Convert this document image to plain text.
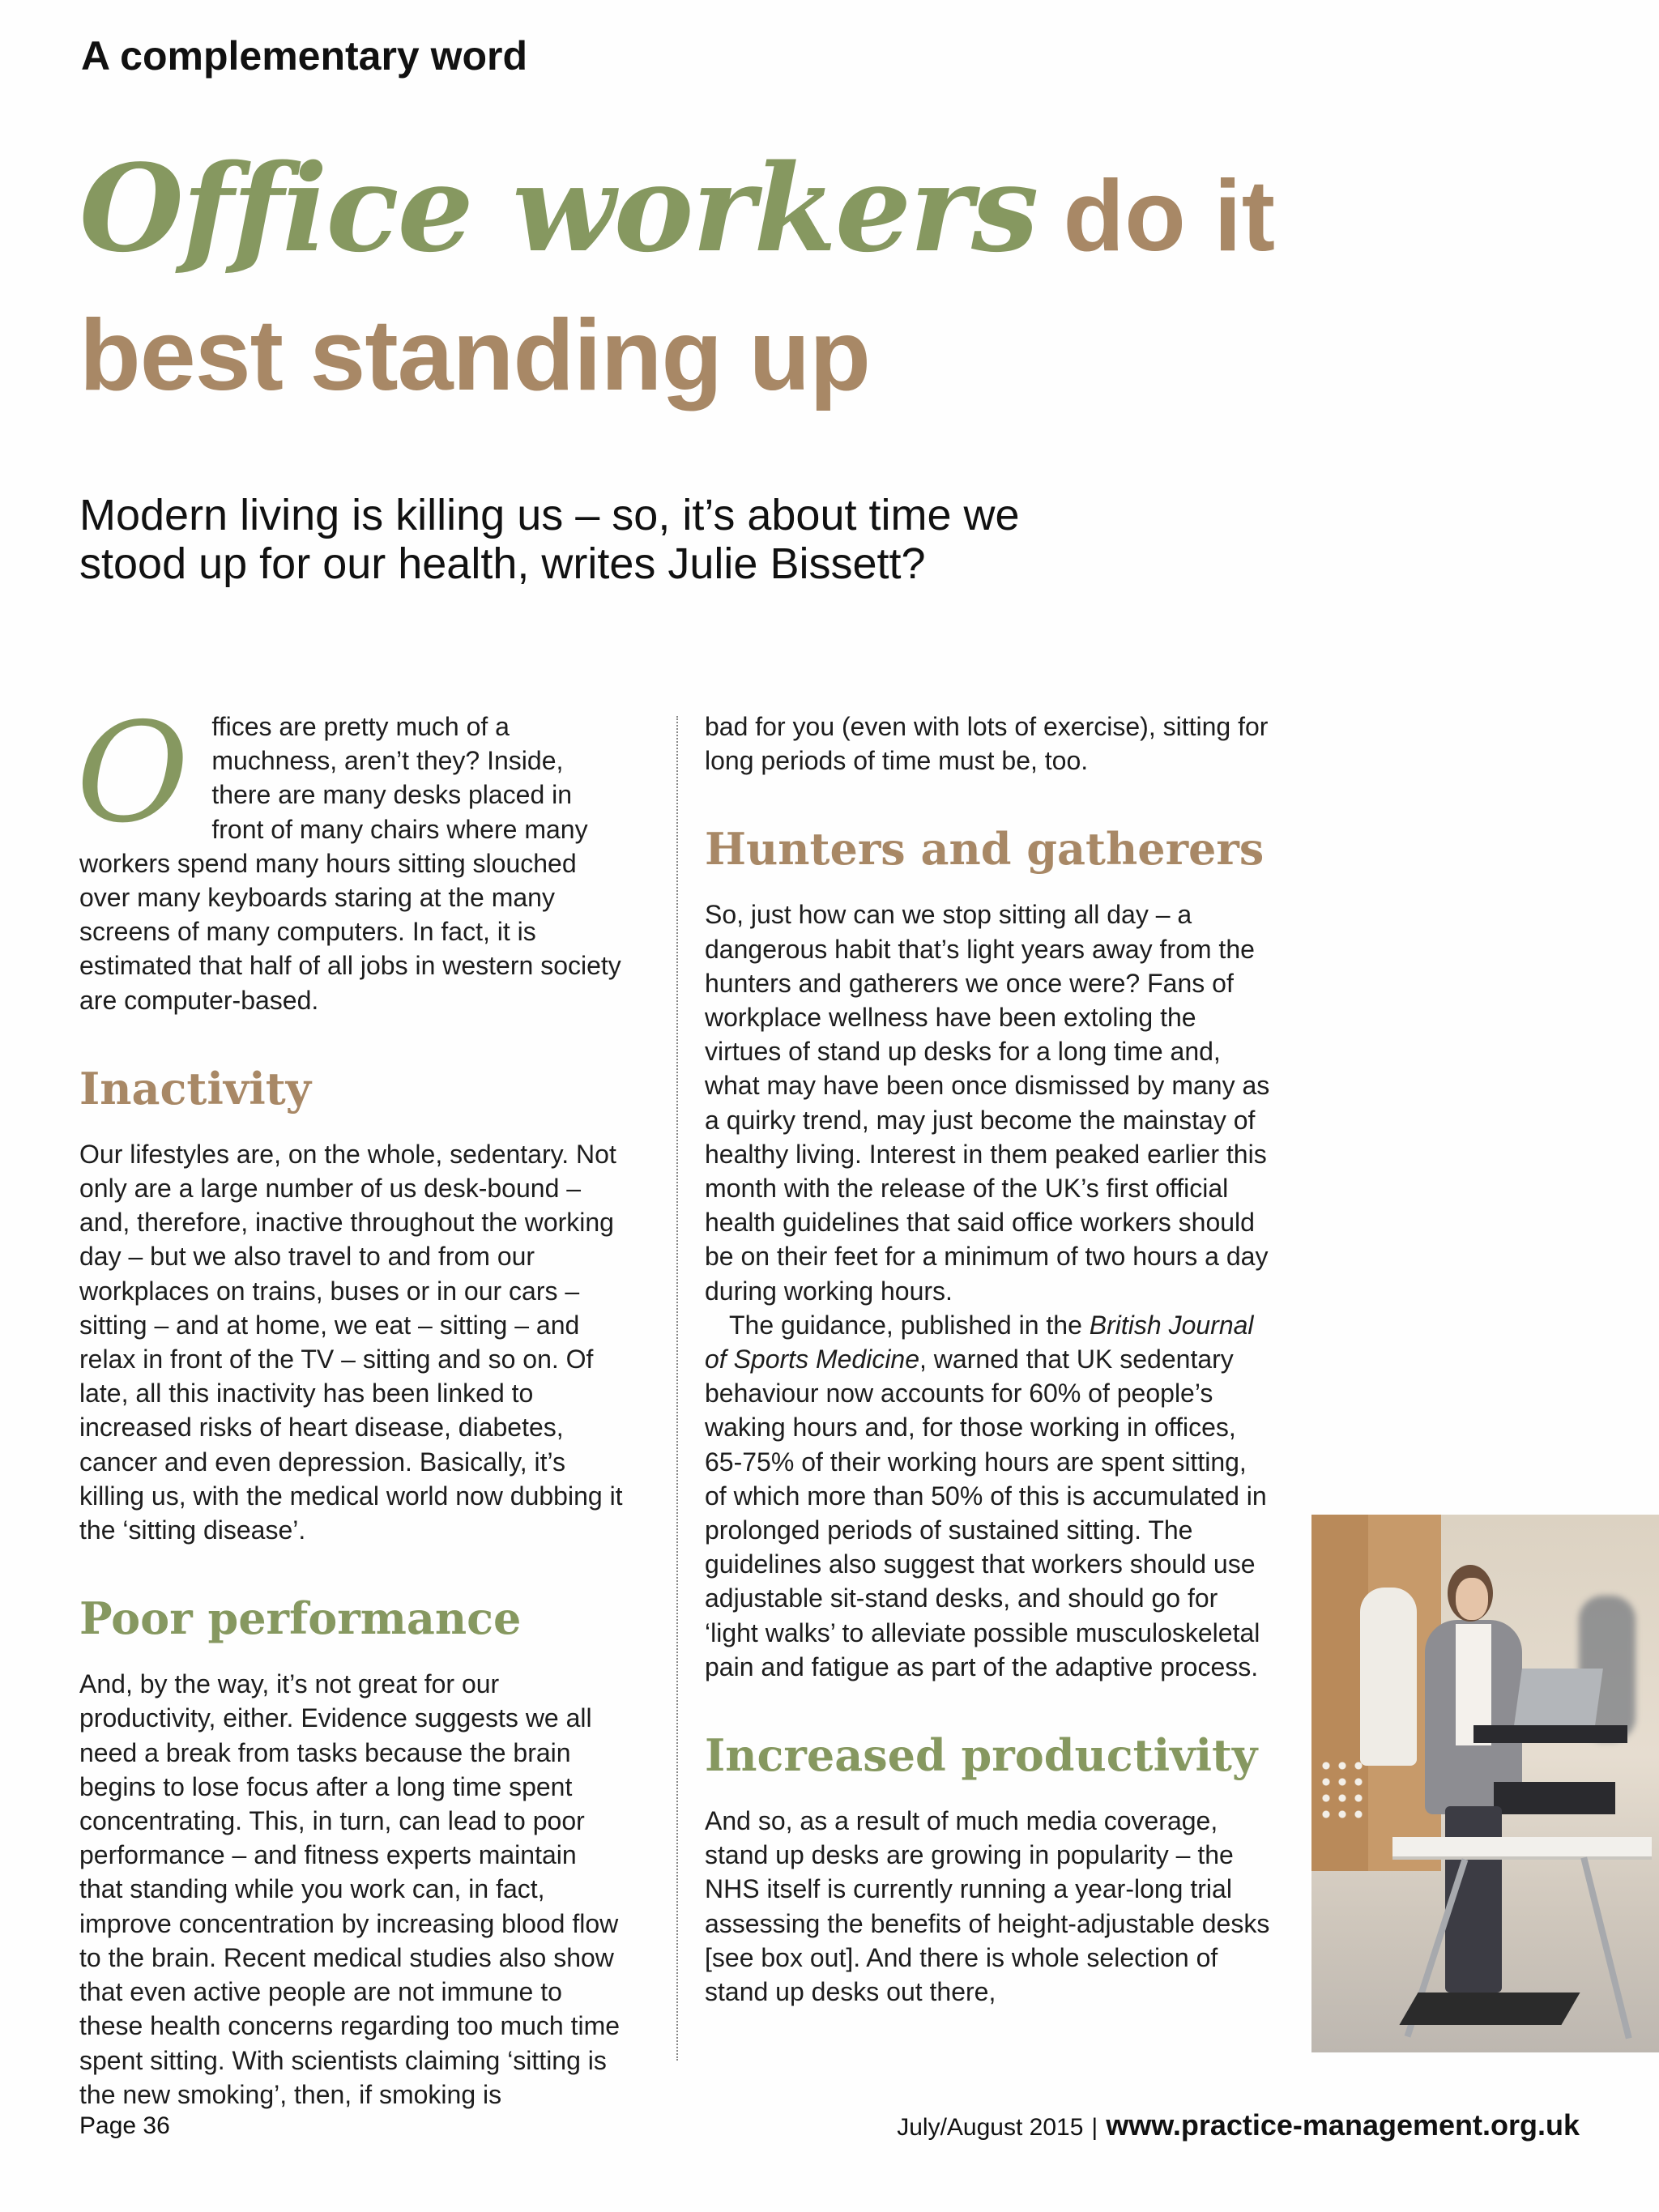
A complementary word
Office workers do it
best standing up
Modern living is killing us – so, it’s about time we
stood up for our health, writes Julie Bissett?

Offices are pretty much of a muchness, aren’t they? Inside, there are many desks placed in front of many chairs where many workers spend many hours sitting slouched over many keyboards staring at the many screens of many computers. In fact, it is estimated that half of all jobs in western society are computer-based.

Inactivity

Our lifestyles are, on the whole, sedentary. Not only are a large number of us desk-bound – and, therefore, inactive throughout the working day – but we also travel to and from our workplaces on trains, buses or in our cars – sitting – and at home, we eat – sitting – and relax in front of the TV – sitting and so on. Of late, all this inactivity has been linked to increased risks of heart disease, diabetes, cancer and even depression. Basically, it’s killing us, with the medical world now dubbing it the ‘sitting disease’.

Poor performance

And, by the way, it’s not great for our productivity, either. Evidence suggests we all need a break from tasks because the brain begins to lose focus after a long time spent concentrating. This, in turn, can lead to poor performance – and fitness experts maintain that standing while you work can, in fact, improve concentration by increasing blood flow to the brain. Recent medical studies also show that even active people are not immune to these health concerns regarding too much time spent sitting. With scientists claiming ‘sitting is the new smoking’, then, if smoking is

bad for you (even with lots of exercise), sitting for long periods of time must be, too.

Hunters and gatherers

So, just how can we stop sitting all day – a dangerous habit that’s light years away from the hunters and gatherers we once were? Fans of workplace wellness have been extoling the virtues of stand up desks for a long time and, what may have been once dismissed by many as a quirky trend, may just become the mainstay of healthy living. Interest in them peaked earlier this month with the release of the UK’s first official health guidelines that said office workers should be on their feet for a minimum of two hours a day during working hours.

The guidance, published in the British Journal of Sports Medicine, warned that UK sedentary behaviour now accounts for 60% of people’s waking hours and, for those working in offices, 65-75% of their working hours are spent sitting, of which more than 50% of this is accumulated in prolonged periods of sustained sitting. The guidelines also suggest that workers should use adjustable sit-stand desks, and should go for ‘light walks’ to alleviate possible musculoskeletal pain and fatigue as part of the adaptive process.

Increased productivity

And so, as a result of much media coverage, stand up desks are growing in popularity – the NHS itself is currently running a year-long trial assessing the benefits of height-adjustable desks [see box out]. And there is whole selection of stand up desks out there,

Page 36	July/August 2015 | www.practice-management.org.uk
